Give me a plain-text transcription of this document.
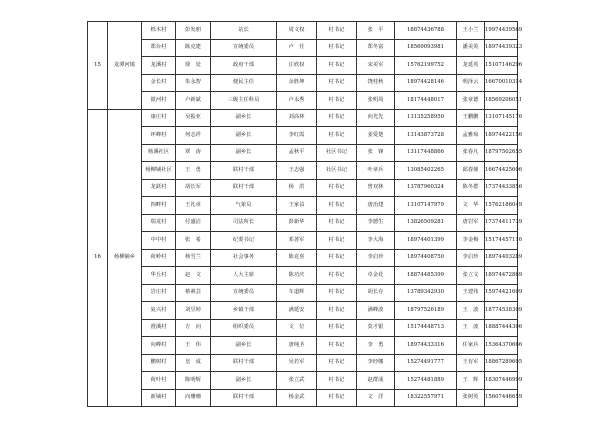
15	龙潭河镇	栎木村	彭发朋	站长	周文权	村书记	张　平	18874436788	王小兰	19974439569
		郑台村	陈克建	宣统委员	卢　任	村书记	郑冬富	18569093981	潘美英	18974439323
		龙溪村	徐　处	政府干部	汪欣权	村书记	宋美军	15762199752	龙延英	15107146296
		金长村	朱永智	便民主任	余胜坤	村书记	饶桂秋	18974428146	明泽云	16670010314
		银河村	卢新斌	三级主任科员	卢永秀	村书记	张明周	18174448017	张章德	18569206051
16	杨柳铺乡	康庄村	吴振亚	副乡长	刘高林	村书记	向光先	13135258950	王鹏鹏	13107145176
		坪峰村	何志祥	副乡长	李红霞	村书记	姜爱楚	13143873728	孟雅琼	18974422156
		杨溪社区	覃　涛	副乡长	孟秋平	社区书记	张　锋	13117448866	张春凡	18797502655
		杨柳铺社区	王　勇	联村干部	王志强	社区书记	叶章兵	13085402265	邱春鼎	16674425606
		龙跃村	胡长军	联村干部	杨　洪	村书记	曾双林	13787960324	陈冬群	17374433856
		四畔村	王礼章	气象员	王家益	村书记	唐治建	13107147979	文　华	15762186049
		瑞龙村	付盛洁	司法所长	彭新华	村书记	李德生	13826509281	唐岩军	17374411739
		中中村	张　希	纪委书记	邓善军	村书记	李大海	18974401399	李金梅	15174457116
		荷岭村	杨雪兰	社会事务	陈克喜	村书记	李启珍	18974408750	李启珍	18974403289
		华丘村	赵　文	人大主席	陈功庆	村书记	卓金花	18874485399	张立文	18974472869
		岩庄村	蔡素芸	宣统委员	车道辉	村书记	胡长存	13789342930	王建伟	15974421609
		复兴村	刘昱婷	乡镇干部	满延安	村书记	满峰波	18797526189	王　波	18774538309
		澄溪村	方　向	组织委员	文　位	村书记	莫才银	15174448713	王　波	18887444306
		向峰村	王　伟	副乡长	唐纯圣	村书记	李　勇	18974433316	任家兵	15364370666
		鹏树村	皇　成	联村干部	吴若军	村书记	李经娜	15274491777	王有军	18867289605
		荷叶村	陈明辉	副乡长	张立武	村书记	赵群成	15274481889	王　辉	18307446999
		新铺村	向珊珊	联村干部	杨金武	村书记	文　洋	18322557971	张树英	15607446659
